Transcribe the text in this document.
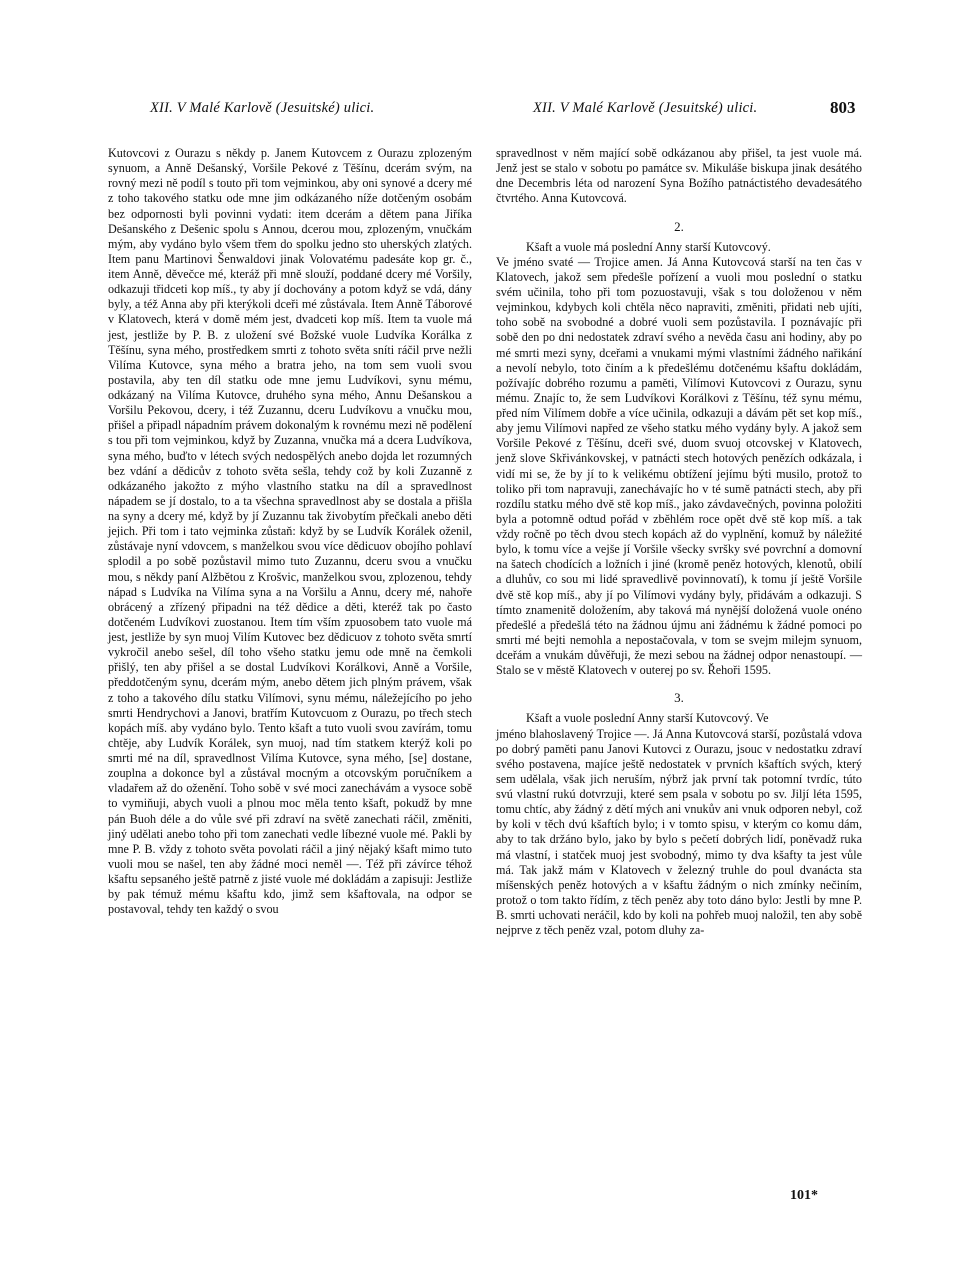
XII. V Malé Karlově (Jesuitské) ulici.	XII. V Malé Karlově (Jesuitské) ulici.	803

Kutovcovi z Ourazu s někdy p. Janem Kutovcem z Ourazu zplozeným synuom, a Anně Dešanský, Voršile Pekové z Těšínu, dcerám svým, na rovný mezi ně podíl s touto při tom vejminkou, aby oni synové a dcery mé z toho takového statku ode mne jim odkázaného níže dotčeným osobám bez odpornosti byli povinni vydati: item dcerám a dětem pana Jiříka Dešanského z Dešenic spolu s Annou, dcerou mou, zplozeným, vnučkám mým, aby vydáno bylo všem třem do spolku jedno sto uherských zlatých. Item panu Martinovi Šenwaldovi jinak Volovatému padesáte kop gr. č., item Anně, děvečce mé, kteráž při mně slouží, poddané dcery mé Voršily, odkazuji třidceti kop míš., ty aby jí dochovány a potom když se vdá, dány byly, a též Anna aby při kterýkoli dceři mé zůstávala. Item Anně Táborové v Klatovech, která v domě mém jest, dvadceti kop míš. Item ta vuole má jest, jestliže by P. B. z uložení své Božské vuole Ludvíka Korálka z Těšínu, syna mého, prostředkem smrti z tohoto světa sníti ráčil prve nežli Vilíma Kutovce, syna mého a bratra jeho, na tom sem vuoli svou postavila, aby ten díl statku ode mne jemu Ludvíkovi, synu mému, odkázaný na Vilíma Kutovce, druhého syna mého, Annu Dešanskou a Voršilu Pekovou, dcery, i též Zuzannu, dceru Ludvíkovu a vnučku mou, přišel a připadl nápadním právem dokonalým k rovnému mezi ně podělení s tou při tom vejminkou, když by Zuzanna, vnučka má a dcera Ludvíkova, syna mého, buďto v létech svých nedospělých anebo dojda let rozumných bez vdání a dědicův z tohoto světa sešla, tehdy což by koli Zuzanně z odkázaného jakožto z mýho vlastního statku na díl a spravedlnost nápadem se jí dostalo, to a ta všechna spravedlnost aby se dostala a přišla na syny a dcery mé, když by jí Zuzannu tak živobytím přečkali anebo děti jejich. Při tom i tato vejminka zůstaň: když by se Ludvík Korálek oženil, zůstávaje nyní vdovcem, s manželkou svou více dědicuov obojího pohlaví splodil a po sobě pozůstavil mimo tuto Zuzannu, dceru svou a vnučku mou, s někdy paní Alžbětou z Krošvic, manželkou svou, zplozenou, tehdy nápad s Ludvíka na Vilíma syna a na Voršilu a Annu, dcery mé, nahoře obrácený a zřízený připadni na též dědice a děti, kteréž tak po často dotčeném Ludvíkovi zuostanou. Item tím vším zpuosobem tato vuole má jest, jestliže by syn muoj Vilím Kutovec bez dědicuov z tohoto světa smrtí vykročil anebo sešel, díl toho všeho statku jemu ode mně na čemkoli přišlý, ten aby přišel a se dostal Ludvíkovi Korálkovi, Anně a Voršile, předdotčeným synu, dcerám mým, anebo dětem jich plným právem, však z toho a takového dílu statku Vilímovi, synu mému, náležejícího po jeho smrti Hendrychovi a Janovi, bratřím Kutovcuom z Ourazu, po třech stech kopách míš. aby vydáno bylo. Tento kšaft a tuto vuoli svou zavírám, tomu chtěje, aby Ludvík Korálek, syn muoj, nad tím statkem kterýž koli po smrti mé na díl, spravedlnost Vilíma Kutovce, syna mého, [se] dostane, zouplna a dokonce byl a zůstával mocným a otcovským poručníkem a vladařem až do oženění. Toho sobě v své moci zanechávám a vysoce sobě to vymiňuji, abych vuoli a plnou moc měla tento kšaft, pokudž by mne pán Buoh déle a do vůle své při zdraví na světě zanechati ráčil, změniti, jiný udělati anebo toho při tom zanechati vedle líbezné vuole mé. Pakli by mne P. B. vždy z tohoto světa povolati ráčil a jiný nějaký kšaft mimo tuto vuoli mou se našel, ten aby žádné moci neměl —. Též při závírce téhož kšaftu sepsaného ještě patrně z jisté vuole mé dokládám a zapisuji: Jestliže by pak témuž mému kšaftu kdo, jimž sem kšaftovala, na odpor se postavoval, tehdy ten každý o svou

spravedlnost v něm mající sobě odkázanou aby přišel, ta jest vuole má. Jenž jest se stalo v sobotu po památce sv. Mikuláše biskupa jinak desátého dne Decembris léta od narození Syna Božího patnáctistého devadesátého čtvrtého. Anna Kutovcová.

2.

Kšaft a vuole má poslední Anny starší Kutovcový.

Ve jméno svaté — Trojice amen. Já Anna Kutovcová starší na ten čas v Klatovech, jakož sem předešle pořízení a vuoli mou poslední o statku svém učinila, toho při tom pozuostavuji, však s tou doloženou v něm vejminkou, kdybych koli chtěla něco napraviti, změniti, přidati neb ujíti, toho sobě na svobodné a dobré vuoli sem pozůstavila. I poznávajíc při sobě den po dni nedostatek zdraví svého a nevěda času ani hodiny, aby po mé smrti mezi syny, dceřami a vnukami mými vlastními žádného nařikání a nevolí nebylo, toto činím a k předešlému dotčenému kšaftu dokládám, požívajíc dobrého rozumu a paměti, Vilímovi Kutovcovi z Ourazu, synu mému. Znajíc to, že sem Ludvíkovi Korálkovi z Těšínu, též synu mému, před ním Vilímem dobře a více učinila, odkazuji a dávám pět set kop míš., aby jemu Vilímovi napřed ze všeho statku mého vydány byly. A jakož sem Voršile Pekové z Těšínu, dceři své, duom svuoj otcovskej v Klatovech, jenž slove Skřivánkovskej, v patnácti stech hotových penězích odkázala, i vidí mi se, že by jí to k velikému obtížení jejímu býti musilo, protož to toliko při tom napravuji, zanechávajíc ho v té sumě patnácti stech, aby při rozdílu statku mého dvě stě kop míš., jako závdavečných, povinna položiti byla a potomně odtud pořád v zběhlém roce opět dvě stě kop míš. a tak vždy ročně po těch dvou stech kopách až do vyplnění, komuž by náležité bylo, k tomu více a vejše jí Voršile všecky svršky své povrchní a domovní na šatech chodících a ložních i jiné (kromě peněz hotových, klenotů, obilí a dluhův, co sou mi lidé spravedlivě povinnovatí), k tomu jí ještě Voršile dvě stě kop míš., aby jí po Vilímovi vydány byly, přidávám a odkazuji. S tímto znamenitě doložením, aby taková má nynější doložená vuole onéno předešlé a předešlá této na žádnou újmu ani žádnému k žádné pomoci po smrti mé bejti nemohla a nepostačovala, v tom se svejm milejm synuom, dceřám a vnukám důvěřuji, že mezi sebou na žádnej odpor nenastoupí. — Stalo se v městě Klatovech v outerej po sv. Řehoři 1595.

3.

Kšaft a vuole poslední Anny starší Kutovcový. Ve

jméno blahoslavený Trojice —. Já Anna Kutovcová starší, pozůstalá vdova po dobrý paměti panu Janovi Kutovci z Ourazu, jsouc v nedostatku zdraví svého postavena, majíce ještě nedostatek v prvních kšaftích svých, který sem udělala, však jich neruším, nýbrž jak první tak potomní tvrdíc, túto svú vlastní rukú dotvrzuji, které sem psala v sobotu po sv. Jiljí léta 1595, tomu chtíc, aby žádný z dětí mých ani vnukův ani vnuk odporen nebyl, což by koli v těch dvú kšaftích bylo; i v tomto spisu, v kterým co komu dám, aby to tak držáno bylo, jako by bylo s pečetí dobrých lidí, poněvadž ruka má vlastní, i statček muoj jest svobodný, mimo ty dva kšafty ta jest vůle má. Tak jakž mám v Klatovech v železný truhle do poul dvanácta sta míšenských peněz hotových a v kšaftu žádným o nich zmínky nečiním, protož o tom takto řídím, z těch peněz aby toto dáno bylo: Jestli by mne P. B. smrti uchovati neráčil, kdo by koli na pohřeb muoj naložil, ten aby sobě nejprve z těch peněz vzal, potom dluhy za-

101*
